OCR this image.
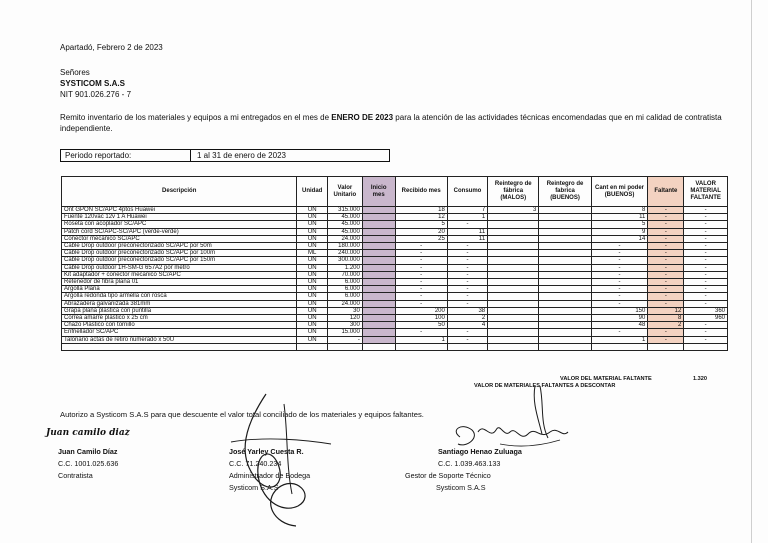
Apartadó, Febrero 2 de 2023
Señores
SYSTICOM S.A.S
NIT 901.026.276 - 7
Remito inventario de los materiales y equipos a mi entregados en el mes de ENERO DE 2023 para la atención de las actividades técnicas encomendadas que en mi calidad de contratista independiente.
Periodo reportado:	1 al 31 de enero de 2023
Descripción	Unidad	Valor Unitario	Inicio mes	Recibido mes	Consumo	Reintegro de fábrica (MALOS)	Reintegro de fabrica (BUENOS)	Cant en mi poder (BUENOS)	Faltante	VALOR MATERIAL FALTANTE
Ont GPON SC/APC 4ptos Huawei	UN	315.000		18	7	3		8	-	-
Fuente 120vac 12v 1 A Huawei	UN	45.000		12	1			11	-	-
Roseta con acoplador SC/APC	UN	45.000		5	-			5	-	-
Patch cord SC/APC-SC/APC (verde-verde)	UN	45.000		20	11			9	-	-
Conector mecanico SC/APC	UN	24.000		25	11			14	-	-
Cable Drop outdoor preconectorizado SC/APC por 50m	UN	180.000		-	-			-	-	-
Cable Drop outdoor preconectorizado SC/APC por 100m	ML	240.000		-	-			-	-	-
Cable Drop outdoor preconectorizado SC/APC por 150m	UN	300.000		-	-			-	-	-
Cable Drop outdoor 1H-SM-G 657A2 por metro	UN	1.200		-	-			-	-	-
Kit adaptador + conector mecanico SC/APC	UN	70.000		-	-			-	-	-
Retenedor de fibra plana 01	UN	6.000		-	-			-	-	-
Argolla Plana	UN	6.000		-	-			-	-	-
Argolla redonda tipo armella con rosca	UN	6.000		-	-			-	-	-
Abrazadera galvanizada 381mm	UN	24.000		-	-			-	-	-
Grapa plana plastica con puntilla	UN	30		200	38			150	12	360
Correa amarre plastico x 25 cm	UN	120		100	2			90	8	960
Chazo Plastico con tornillo	UN	300		50	4			48	2	-
Enfriellador SC/APC	UN	15.000		-	-			-	-	-
Talonario actas de retiro numerado x 50U	UN	-		1	-			1	-	-

VALOR DEL MATERIAL FALTANTE	1.320
VALOR DE MATERIALES FALTANTES A DESCONTAR
Autorizo a Systicom S.A.S para que descuente el valor total conciliado de los materiales y equipos faltantes.
Juan camilo diaz
Juan Camilo Díaz
C.C. 1001.025.636
Contratista
José Yarley Cuesta R.
C.C. 71.240.234
Administrador de Bodega
Systicom S.A.S
Santiago Henao Zuluaga
C.C. 1.039.463.133
Gestor de Soporte Técnico
Systicom S.A.S
